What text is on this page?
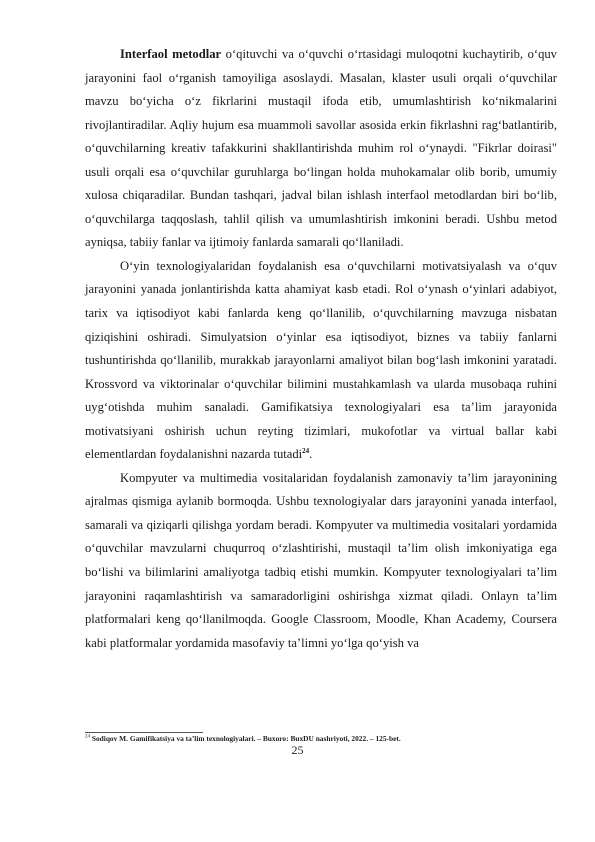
Interfaol metodlar o‘qituvchi va o‘quvchi o‘rtasidagi muloqotni kuchaytirib, o‘quv jarayonini faol o‘rganish tamoyiliga asoslaydi. Masalan, klaster usuli orqali o‘quvchilar mavzu bo‘yicha o‘z fikrlarini mustaqil ifoda etib, umumlashtirish ko‘nikmalarini rivojlantiradilar. Aqliy hujum esa muammoli savollar asosida erkin fikrlashni rag‘batlantirib, o‘quvchilarning kreativ tafakkurini shakllantirishda muhim rol o‘ynaydi. "Fikrlar doirasi" usuli orqali esa o‘quvchilar guruhlarga bo‘lingan holda muhokamalar olib borib, umumiy xulosa chiqaradilar. Bundan tashqari, jadval bilan ishlash interfaol metodlardan biri bo‘lib, o‘quvchilarga taqqoslash, tahlil qilish va umumlashtirish imkonini beradi. Ushbu metod ayniqsa, tabiiy fanlar va ijtimoiy fanlarda samarali qo‘llaniladi.

O‘yin texnologiyalaridan foydalanish esa o‘quvchilarni motivatsiyalash va o‘quv jarayonini yanada jonlantirishda katta ahamiyat kasb etadi. Rol o‘ynash o‘yinlari adabiyot, tarix va iqtisodiyot kabi fanlarda keng qo‘llanilib, o‘quvchilarning mavzuga nisbatan qiziqishini oshiradi. Simulyatsion o‘yinlar esa iqtisodiyot, biznes va tabiiy fanlarni tushuntirishda qo‘llanilib, murakkab jarayonlarni amaliyot bilan bog‘lash imkonini yaratadi. Krossvord va viktorinalar o‘quvchilar bilimini mustahkamlash va ularda musobaqa ruhini uyg‘otishda muhim sanaladi. Gamifikatsiya texnologiyalari esa ta’lim jarayonida motivatsiyani oshirish uchun reyting tizimlari, mukofotlar va virtual ballar kabi elementlardan foydalanishni nazarda tutadi$^{24}$.

Kompyuter va multimedia vositalaridan foydalanish zamonaviy ta’lim jarayonining ajralmas qismiga aylanib bormoqda. Ushbu texnologiyalar dars jarayonini yanada interfaol, samarali va qiziqarli qilishga yordam beradi. Kompyuter va multimedia vositalari yordamida o‘quvchilar mavzularni chuqurroq o‘zlashtirishi, mustaqil ta’lim olish imkoniyatiga ega bo‘lishi va bilimlarini amaliyotga tadbiq etishi mumkin. Kompyuter texnologiyalari ta’lim jarayonini raqamlashtirish va samaradorligini oshirishga xizmat qiladi. Onlayn ta’lim platformalari keng qo‘llanilmoqda. Google Classroom, Moodle, Khan Academy, Coursera kabi platformalar yordamida masofaviy ta’limni yo‘lga qo‘yish va

$^{24}$ Sodiqov M. Gamifikatsiya va ta’lim texnologiyalari. – Buxoro: BuxDU nashriyoti, 2022. – 125-bet.
25
